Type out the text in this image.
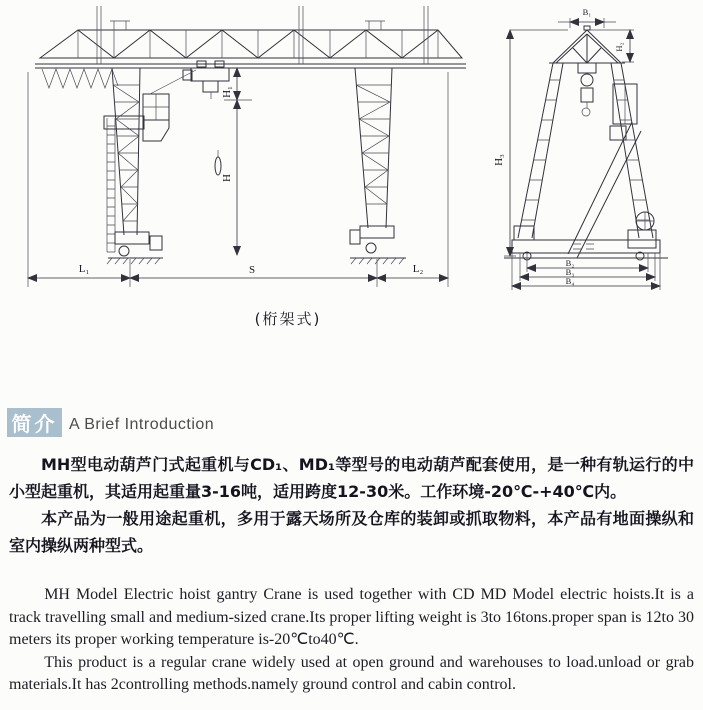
H₁
H
L₁	S	L₂
B₁
H₂
H₃
B₂
B₃
B₄
(桁架式)
简介 A Brief Introduction

MH型电动葫芦门式起重机与CD₁、MD₁等型号的电动葫芦配套使用，是一种有轨运行的中小型起重机，其适用起重量3-16吨，适用跨度12-30米。工作环境-20℃-+40℃内。

本产品为一般用途起重机，多用于露天场所及仓库的装卸或抓取物料，本产品有地面操纵和室内操纵两种型式。

MH Model Electric hoist gantry Crane is used together with CD MD Model electric hoists.It is a track travelling small and medium-sized crane.Its proper lifting weight is 3to 16tons.proper span is 12to 30 meters its proper working temperature is-20℃to40℃.

This product is a regular crane widely used at open ground and warehouses to load.unload or grab materials.It has 2controlling methods.namely ground control and cabin control.
